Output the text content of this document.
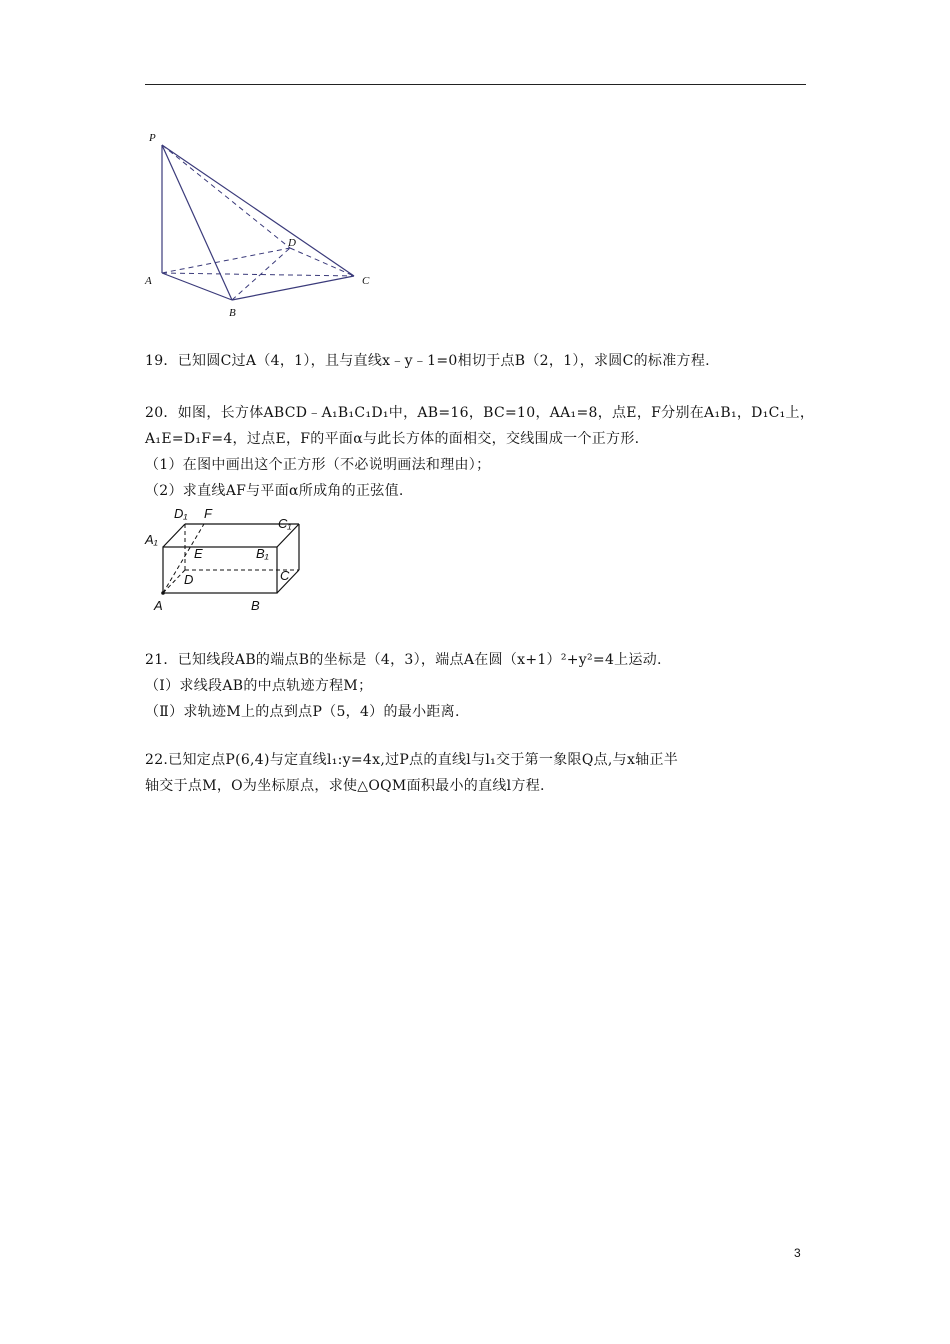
P
A
B
C
D

19．已知圆C过A（4，1），且与直线x﹣y﹣1=0相切于点B（2，1），求圆C的标准方程.

20．如图，长方体ABCD﹣A₁B₁C₁D₁中，AB=16，BC=10，AA₁=8，点E，F分别在A₁B₁，D₁C₁上，

A₁E=D₁F=4，过点E，F的平面α与此长方体的面相交，交线围成一个正方形.

（1）在图中画出这个正方形（不必说明画法和理由）；

（2）求直线AF与平面α所成角的正弦值.

D₁ F
C₁
A₁
E	B₁
D	C
A	B

21．已知线段AB的端点B的坐标是（4，3），端点A在圆（x+1）²+y²=4上运动.

（Ⅰ）求线段AB的中点轨迹方程M；

（Ⅱ）求轨迹M上的点到点P（5，4）的最小距离.

22.已知定点P(6,4)与定直线l₁:y=4x,过P点的直线l与l₁交于第一象限Q点,与x轴正半

轴交于点M，O为坐标原点，求使△OQM面积最小的直线l方程.

3
